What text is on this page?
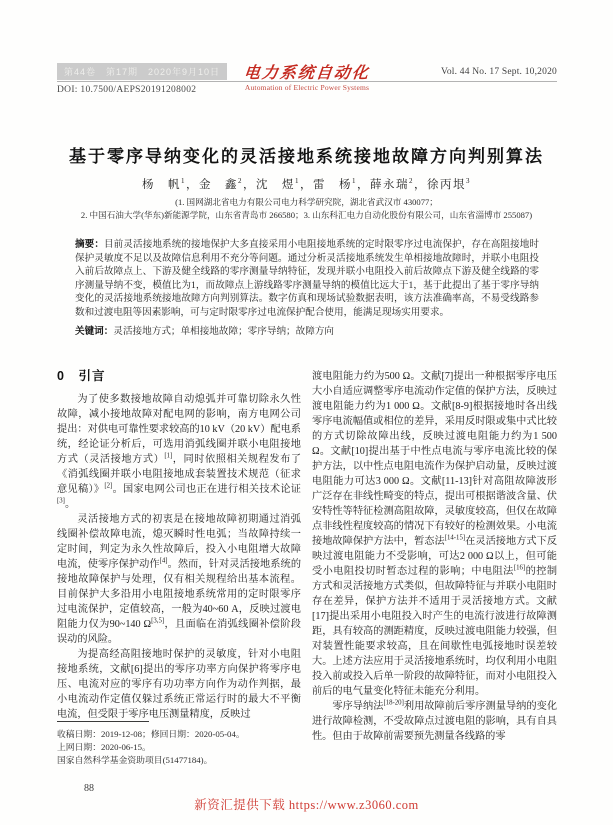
第44卷　第17期　2020年9月10日
DOI: 10.7500/AEPS20191208002
电力系统自动化
Automation of Electric Power Systems
Vol. 44 No. 17 Sept. 10,2020
基于零序导纳变化的灵活接地系统接地故障方向判别算法
杨　帆$^1$，金　鑫$^2$，沈　煜$^1$，雷　杨$^1$，薛永瑞$^2$，徐丙垠$^3$
(1. 国网湖北省电力有限公司电力科学研究院，湖北省武汉市 430077；
2. 中国石油大学(华东)新能源学院，山东省青岛市 266580；3. 山东科汇电力自动化股份有限公司，山东省淄博市 255087)

摘要：目前灵活接地系统的接地保护大多直接采用小电阻接地系统的定时限零序过电流保护，存在高阻接地时保护灵敏度不足以及故障信息利用不充分等问题。通过分析灵活接地系统发生单相接地故障时，并联小电阻投入前后故障点上、下游及健全线路的零序测量导纳特征，发现并联小电阻投入前后故障点下游及健全线路的零序测量导纳不变，模值比为1，而故障点上游线路零序测量导纳的模值比远大于1，基于此提出了基于零序导纳变化的灵活接地系统接地故障方向判别算法。数字仿真和现场试验数据表明，该方法准确率高，不易受线路参数和过渡电阻等因素影响，可与定时限零序过电流保护配合使用，能满足现场实用要求。

关键词：灵活接地方式；单相接地故障；零序导纳；故障方向

0　引言

为了使多数接地故障自动熄弧并可靠切除永久性故障，减小接地故障对配电网的影响，南方电网公司提出：对供电可靠性要求较高的10 kV（20 kV）配电系统，经论证分析后，可选用消弧线圈并联小电阻接地方式（灵活接地方式）[1]，同时依照相关规程发布了《消弧线圈并联小电阻接地成套装置技术规范（征求意见稿）》[2]。国家电网公司也正在进行相关技术论证[3]。

灵活接地方式的初衷是在接地故障初期通过消弧线圈补偿故障电流，熄灭瞬时性电弧；当故障持续一定时间，判定为永久性故障后，投入小电阻增大故障电流，使零序保护动作[4]。然而，针对灵活接地系统的接地故障保护与处理，仅有相关规程给出基本流程。目前保护大多沿用小电阻接地系统常用的定时限零序过电流保护，定值较高，一般为40~60 A，反映过渡电阻能力仅为90~140 Ω[3,5]，且面临在消弧线圈补偿阶段误动的风险。

为提高经高阻接地时保护的灵敏度，针对小电阻接地系统，文献[6]提出的零序功率方向保护将零序电压、电流对应的零序有功功率方向作为动作判据，最小电流动作定值仅躲过系统正常运行时的最大不平衡电流，但受限于零序电压测量精度，反映过

渡电阻能力约为500 Ω。文献[7]提出一种根据零序电压大小自适应调整零序电流动作定值的保护方法，反映过渡电阻能力约为1 000 Ω。文献[8-9]根据接地时各出线零序电流幅值或相位的差异，采用反时限或集中式比较的方式切除故障出线，反映过渡电阻能力约为1 500 Ω。文献[10]提出基于中性点电流与零序电流比较的保护方法，以中性点电阻电流作为保护启动量，反映过渡电阻能力可达3 000 Ω。文献[11-13]针对高阻故障波形广泛存在非线性畸变的特点，提出可根据谐波含量、伏安特性等特征检测高阻故障，灵敏度较高，但仅在故障点非线性程度较高的情况下有较好的检测效果。小电流接地故障保护方法中，暂态法[14-15]在灵活接地方式下反映过渡电阻能力不受影响，可达2 000 Ω以上，但可能受小电阻投切时暂态过程的影响；中电阻法[16]的控制方式和灵活接地方式类似，但故障特征与并联小电阻时存在差异，保护方法并不适用于灵活接地方式。文献[17]提出采用小电阻投入时产生的电流行波进行故障测距，具有较高的测距精度，反映过渡电阻能力较强，但对装置性能要求较高，且在间歇性电弧接地时误差较大。上述方法应用于灵活接地系统时，均仅利用小电阻投入前或投入后单一阶段的故障特征，而对小电阻投入前后的电气量变化特征未能充分利用。

零序导纳法[18-20]利用故障前后零序测量导纳的变化进行故障检测，不受故障点过渡电阻的影响，具有自具性。但由于故障前需要预先测量各线路的零

收稿日期：2019-12-08；修回日期：2020-05-04。
上网日期：2020-06-15。
国家自然科学基金资助项目(51477184)。
88
新资汇提供下载 https://www.z3060.com
